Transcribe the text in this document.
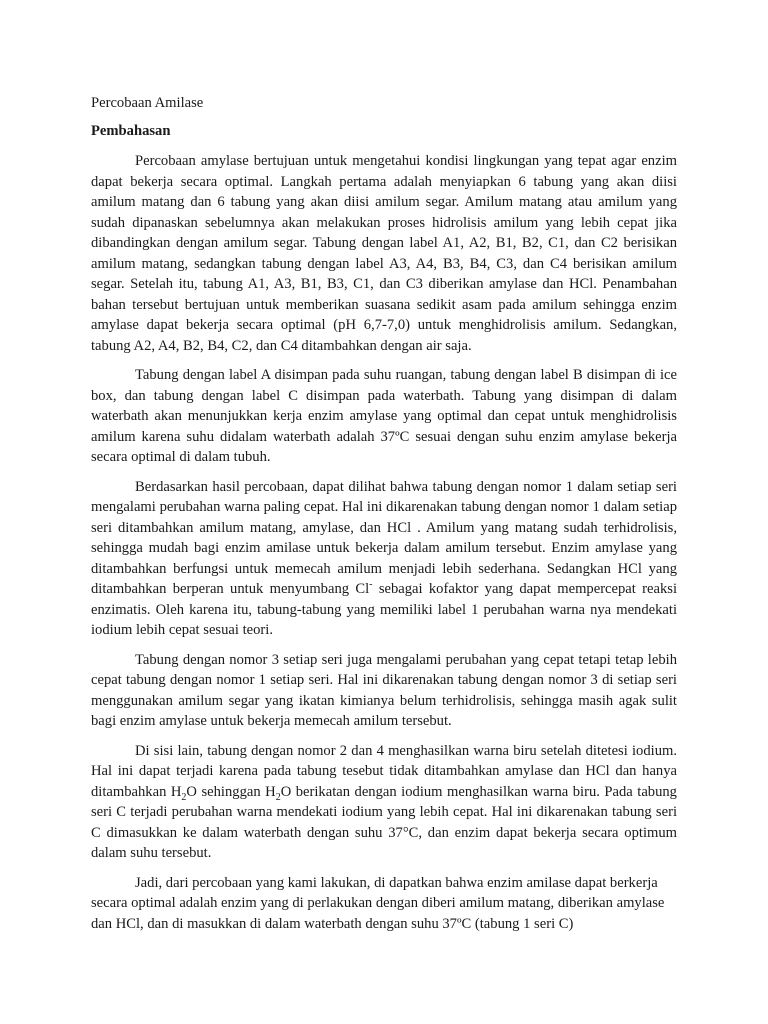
Percobaan Amilase
Pembahasan

Percobaan amylase bertujuan untuk mengetahui kondisi lingkungan yang tepat agar enzim dapat bekerja secara optimal. Langkah pertama adalah menyiapkan 6 tabung yang akan diisi amilum matang dan 6 tabung yang akan diisi amilum segar. Amilum matang atau amilum yang sudah dipanaskan sebelumnya akan melakukan proses hidrolisis amilum yang lebih cepat jika dibandingkan dengan amilum segar. Tabung dengan label A1, A2, B1, B2, C1, dan C2 berisikan amilum matang, sedangkan tabung dengan label A3, A4, B3, B4, C3, dan C4 berisikan amilum segar. Setelah itu, tabung A1, A3, B1, B3, C1, dan C3 diberikan amylase dan HCl. Penambahan bahan tersebut bertujuan untuk memberikan suasana sedikit asam pada amilum sehingga enzim amylase dapat bekerja secara optimal (pH 6,7-7,0) untuk menghidrolisis amilum. Sedangkan, tabung A2, A4, B2, B4, C2, dan C4 ditambahkan dengan air saja.

Tabung dengan label A disimpan pada suhu ruangan, tabung dengan label B disimpan di ice box, dan tabung dengan label C disimpan pada waterbath. Tabung yang disimpan di dalam waterbath akan menunjukkan kerja enzim amylase yang optimal dan cepat untuk menghidrolisis amilum karena suhu didalam waterbath adalah 37ºC sesuai dengan suhu enzim amylase bekerja secara optimal di dalam tubuh.

Berdasarkan hasil percobaan, dapat dilihat bahwa tabung dengan nomor 1 dalam setiap seri mengalami perubahan warna paling cepat. Hal ini dikarenakan tabung dengan nomor 1 dalam setiap seri ditambahkan amilum matang, amylase, dan HCl . Amilum yang matang sudah terhidrolisis, sehingga mudah bagi enzim amilase untuk bekerja dalam amilum tersebut. Enzim amylase yang ditambahkan berfungsi untuk memecah amilum menjadi lebih sederhana. Sedangkan HCl yang ditambahkan berperan untuk menyumbang Cl- sebagai kofaktor yang dapat mempercepat reaksi enzimatis. Oleh karena itu, tabung-tabung yang memiliki label 1 perubahan warna nya mendekati iodium lebih cepat sesuai teori.

Tabung dengan nomor 3 setiap seri juga mengalami perubahan yang cepat tetapi tetap lebih cepat tabung dengan nomor 1 setiap seri. Hal ini dikarenakan tabung dengan nomor 3 di setiap seri menggunakan amilum segar yang ikatan kimianya belum terhidrolisis, sehingga masih agak sulit bagi enzim amylase untuk bekerja memecah amilum tersebut.

Di sisi lain, tabung dengan nomor 2 dan 4 menghasilkan warna biru setelah ditetesi iodium. Hal ini dapat terjadi karena pada tabung tesebut tidak ditambahkan amylase dan HCl dan hanya ditambahkan $H_2O$ sehinggan $H_2O$ berikatan dengan iodium menghasilkan warna biru. Pada tabung seri C terjadi perubahan warna mendekati iodium yang lebih cepat. Hal ini dikarenakan tabung seri C dimasukkan ke dalam waterbath dengan suhu 37°C, dan enzim dapat bekerja secara optimum dalam suhu tersebut.

Jadi, dari percobaan yang kami lakukan, di dapatkan bahwa enzim amilase dapat berkerja secara optimal adalah enzim yang di perlakukan dengan diberi amilum matang, diberikan amylase dan HCl, dan di masukkan di dalam waterbath dengan suhu 37ºC (tabung 1 seri C)
